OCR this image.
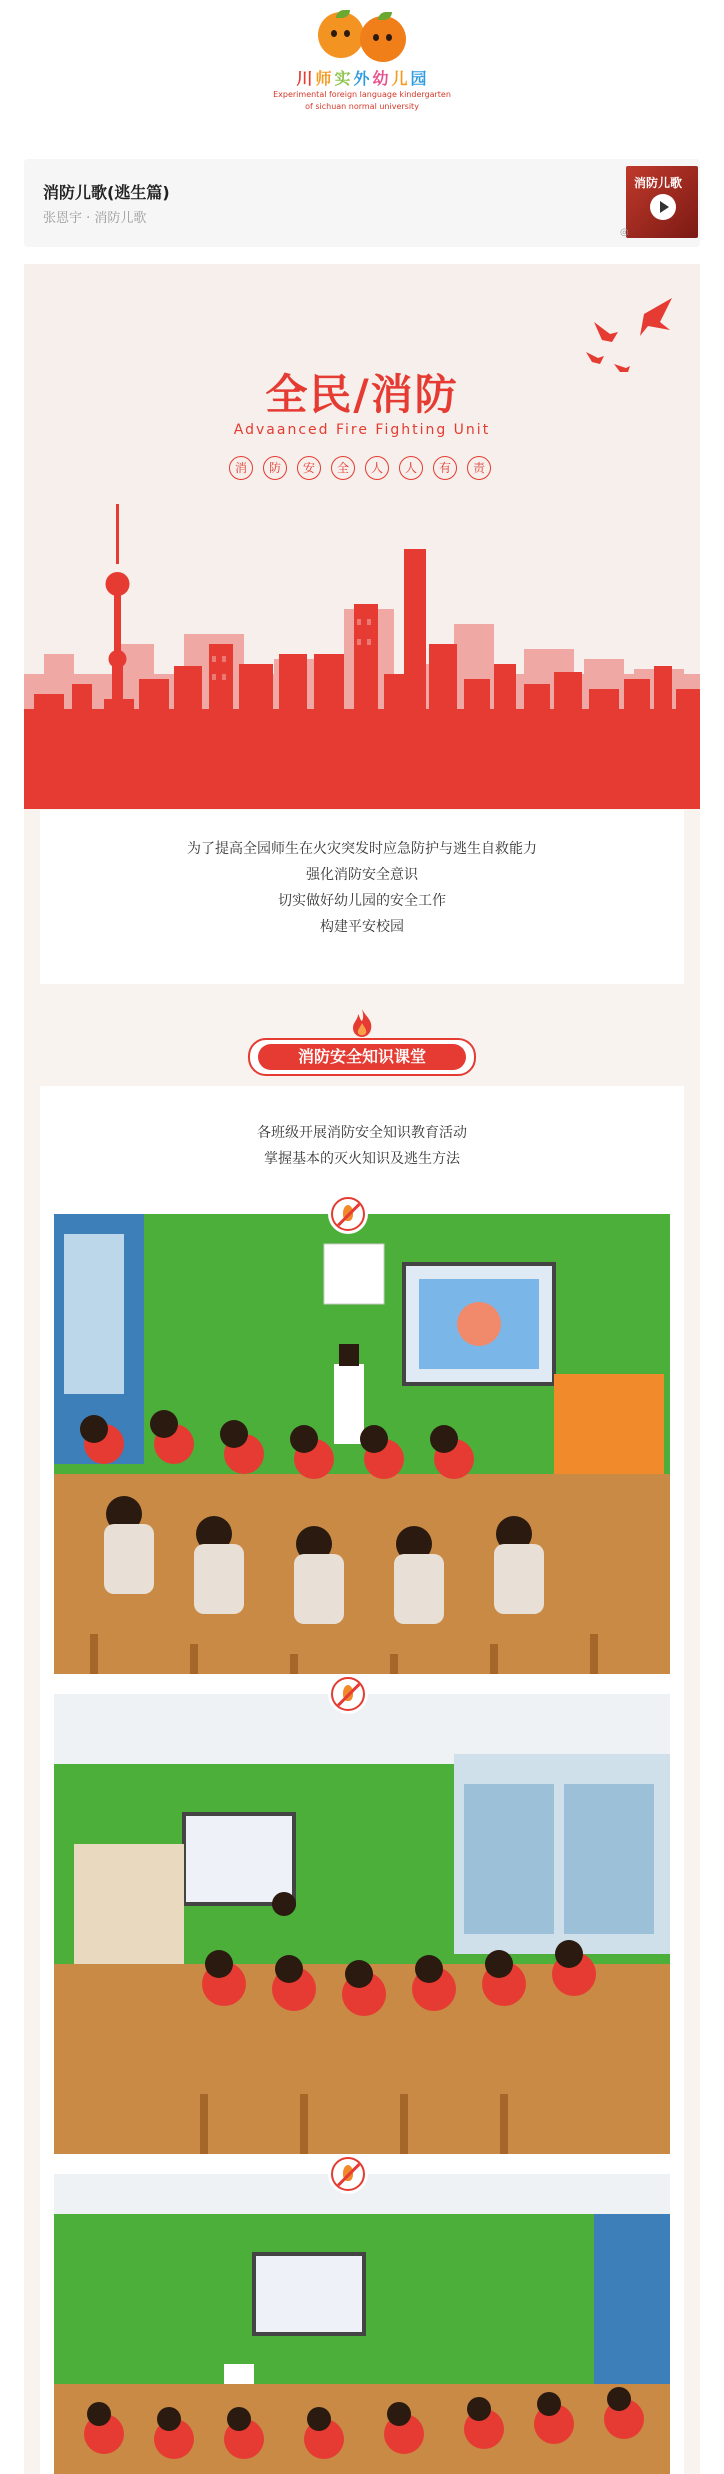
川 师 实 外 幼 儿 园
Experimental foreign language kindergarten
of sichuan normal university
消防儿歌(逃生篇)
张恩宇 · 消防儿歌
消防儿歌
◎
全民/消防
Advaanced Fire Fighting Unit
消	防	安	全	人	人	有	责
为了提高全园师生在火灾突发时应急防护与逃生自救能力
强化消防安全意识
切实做好幼儿园的安全工作
构建平安校园
消防安全知识课堂
各班级开展消防安全知识教育活动
掌握基本的灭火知识及逃生方法
